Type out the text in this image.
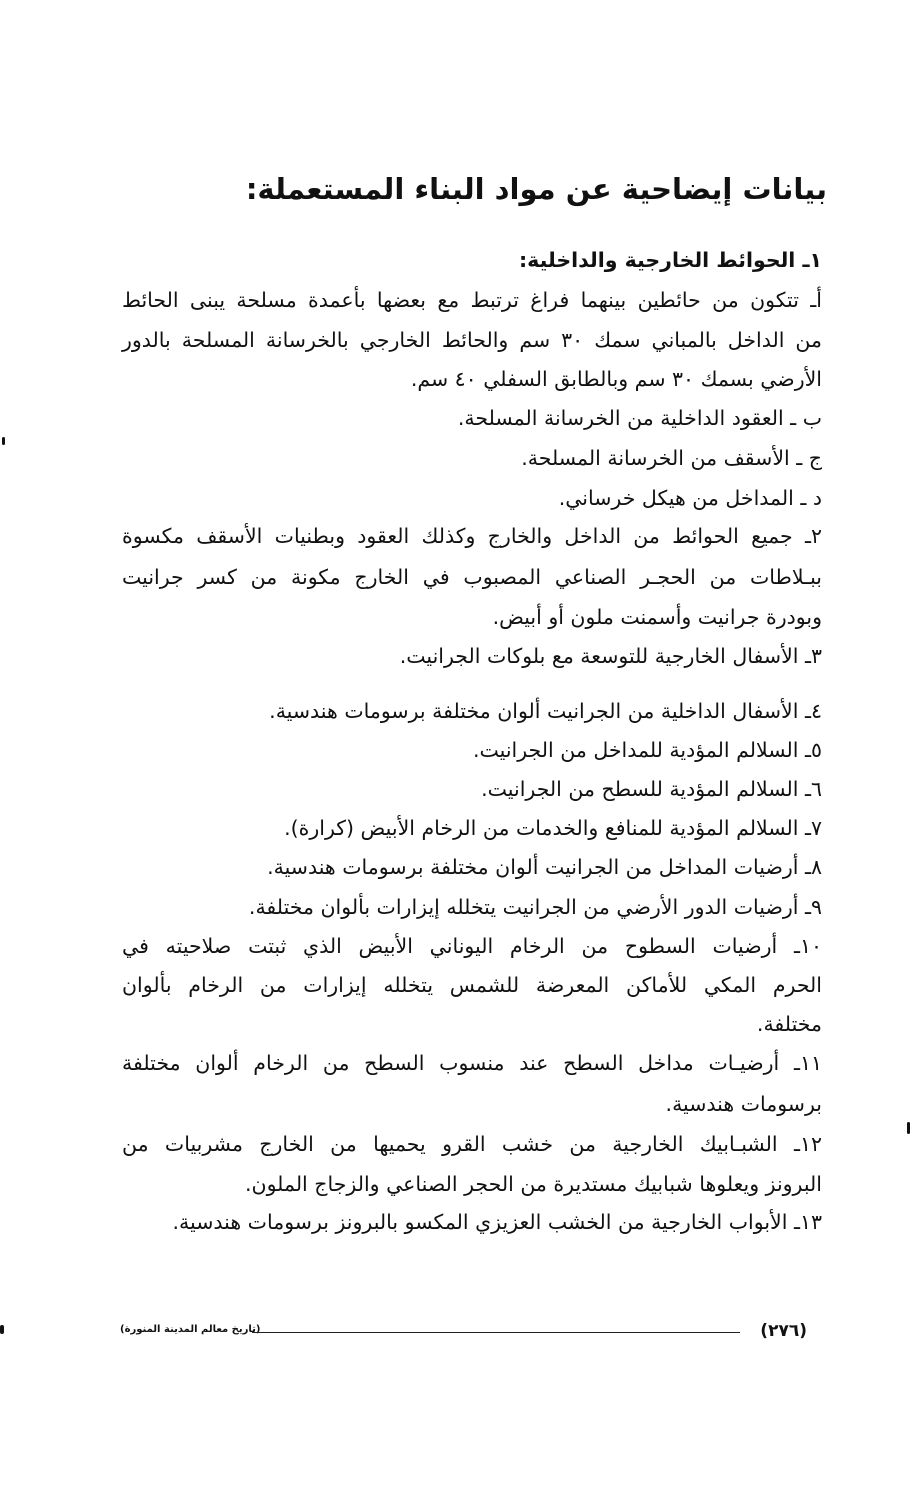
بيانات إيضاحية عن مواد البناء المستعملة:
١ـ الحوائط الخارجية والداخلية:
أـ تتكون من حائطين بينهما فراغ ترتبط مع بعضها بأعمدة مسلحة يبنى الحائط
من الداخل بالمباني سمك ٣٠ سم والحائط الخارجي بالخرسانة المسلحة بالدور
الأرضي بسمك ٣٠ سم وبالطابق السفلي ٤٠ سم.
ب ـ العقود الداخلية من الخرسانة المسلحة.
ج ـ الأسقف من الخرسانة المسلحة.
د ـ المداخل من هيكل خرساني.
٢ـ جميع الحوائط من الداخل والخارج وكذلك العقود وبطنيات الأسقف مكسوة
ببـلاطات من الحجـر الصناعي المصبوب في الخارج مكونة من كسر جرانيت
وبودرة جرانيت وأسمنت ملون أو أبيض.
٣ـ الأسفال الخارجية للتوسعة مع بلوكات الجرانيت.
٤ـ الأسفال الداخلية من الجرانيت ألوان مختلفة برسومات هندسية.
٥ـ السلالم المؤدية للمداخل من الجرانيت.
٦ـ السلالم المؤدية للسطح من الجرانيت.
٧ـ السلالم المؤدية للمنافع والخدمات من الرخام الأبيض (كرارة).
٨ـ أرضيات المداخل من الجرانيت ألوان مختلفة برسومات هندسية.
٩ـ أرضيات الدور الأرضي من الجرانيت يتخلله إيزارات بألوان مختلفة.
١٠ـ أرضيات السطوح من الرخام اليوناني الأبيض الذي ثبتت صلاحيته في
الحرم المكي للأماكن المعرضة للشمس يتخلله إيزارات من الرخام بألوان
مختلفة.
١١ـ أرضيـات مداخل السطح عند منسوب السطح من الرخام ألوان مختلفة
برسومات هندسية.
١٢ـ الشبـابيك الخارجية من خشب القرو يحميها من الخارج مشربيات من
البرونز ويعلوها شبابيك مستديرة من الحجر الصناعي والزجاج الملون.
١٣ـ الأبواب الخارجية من الخشب العزيزي المكسو بالبرونز برسومات هندسية.
(تاريخ معالم المدينة المنورة)	(٢٧٦)
